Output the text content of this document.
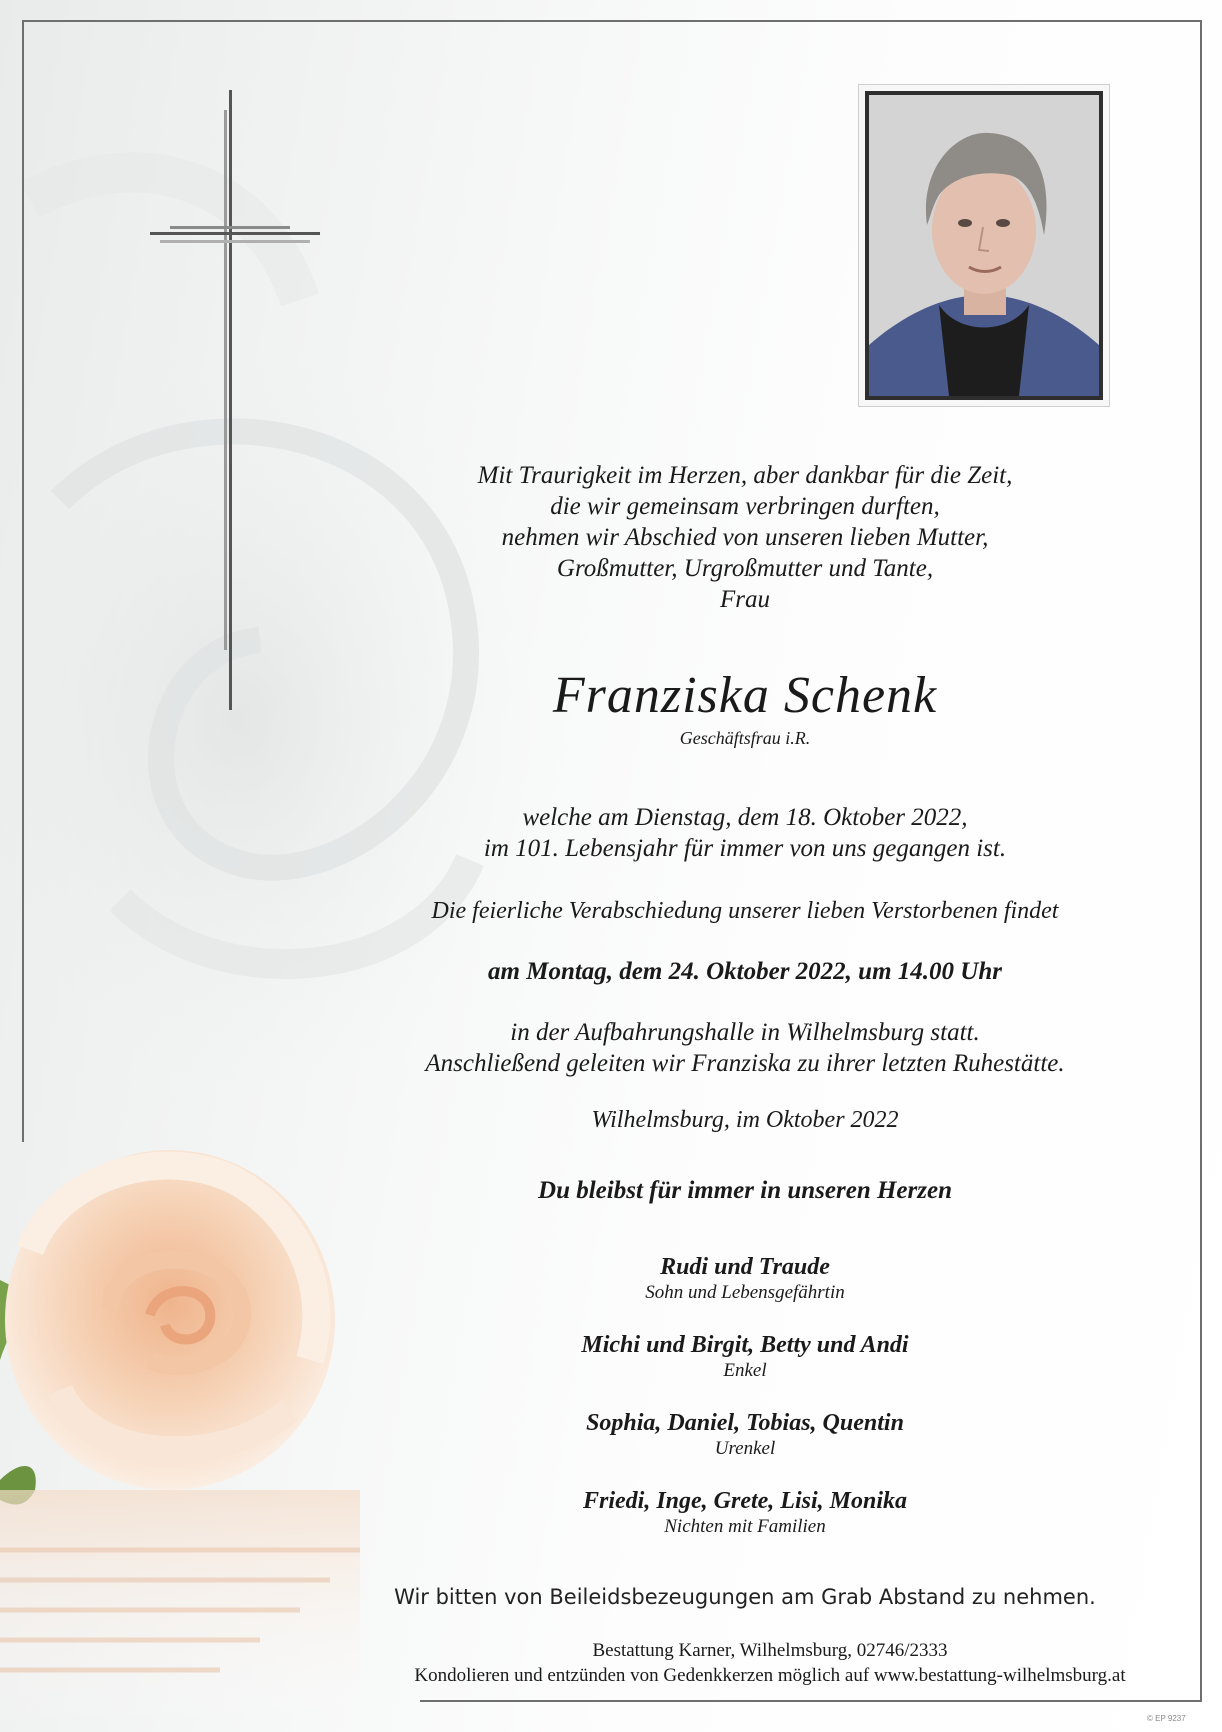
Mit Traurigkeit im Herzen, aber dankbar für die Zeit,
die wir gemeinsam verbringen durften,
nehmen wir Abschied von unseren lieben Mutter,
Großmutter, Urgroßmutter und Tante,
Frau
Franziska Schenk
Geschäftsfrau i.R.
welche am Dienstag, dem 18. Oktober 2022,
im 101. Lebensjahr für immer von uns gegangen ist.
Die feierliche Verabschiedung unserer lieben Verstorbenen findet
am Montag, dem 24. Oktober 2022, um 14.00 Uhr
in der Aufbahrungshalle in Wilhelmsburg statt.
Anschließend geleiten wir Franziska zu ihrer letzten Ruhestätte.
Wilhelmsburg, im Oktober 2022
Du bleibst für immer in unseren Herzen
Rudi und Traude
Sohn und Lebensgefährtin
Michi und Birgit, Betty und Andi
Enkel
Sophia, Daniel, Tobias, Quentin
Urenkel
Friedi, Inge, Grete, Lisi, Monika
Nichten mit Familien
Wir bitten von Beileidsbezeugungen am Grab Abstand zu nehmen.
Bestattung Karner, Wilhelmsburg, 02746/2333
Kondolieren und entzünden von Gedenkkerzen möglich auf www.bestattung-wilhelmsburg.at
© EP 9237
